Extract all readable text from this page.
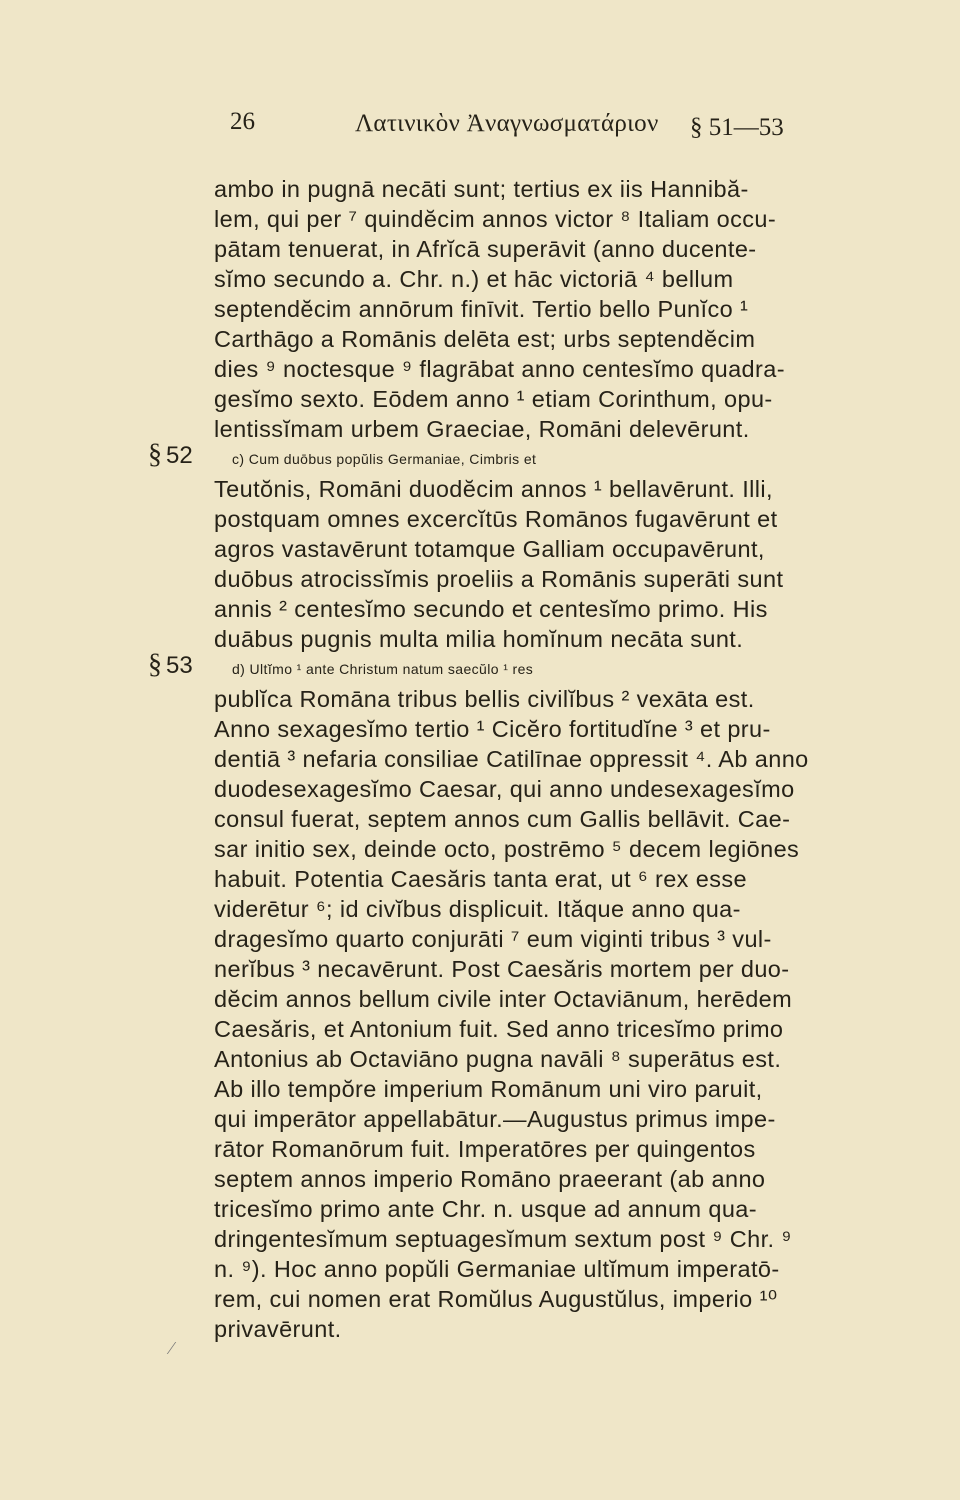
26	Λατινικὸν Ἀναγνωσματάριον § 51—53
§ 52
§ 53
ambo in pugnā necāti sunt; tertius ex iis Hannibă-
lem, qui per ⁷ quindĕcim annos victor ⁸ Italiam occu-
pātam tenuerat, in Afrĭcā superāvit (anno ducente-
sĭmo secundo a. Chr. n.) et hāc victoriā ⁴ bellum
septendĕcim annōrum finīvit. Tertio bello Punĭco ¹
Carthāgo a Romānis delēta est; urbs septendĕcim
dies ⁹ noctesque ⁹ flagrābat anno centesĭmo quadra-
gesĭmo sexto. Eōdem anno ¹ etiam Corinthum, opu-
lentissĭmam urbem Graeciae, Romāni delevērunt.
c) Cum duōbus popŭlis Germaniae, Cimbris et
Teutŏnis, Romāni duodĕcim annos ¹ bellavērunt. Illi,
postquam omnes excercĭtūs Romānos fugavērunt et
agros vastavērunt totamque Galliam occupavērunt,
duōbus atrocissĭmis proeliis a Romānis superāti sunt
annis ² centesĭmo secundo et centesĭmo primo. His
duābus pugnis multa milia homĭnum necāta sunt.
d) Ultĭmo ¹ ante Christum natum saecŭlo ¹ res
publĭca Romāna tribus bellis civilĭbus ² vexāta est.
Anno sexagesĭmo tertio ¹ Cicĕro fortitudĭne ³ et pru-
dentiā ³ nefaria consiliae Catilīnae oppressit ⁴. Ab anno
duodesexagesĭmo Caesar, qui anno undesexagesĭmo
consul fuerat, septem annos cum Gallis bellāvit. Cae-
sar initio sex, deinde octo, postrēmo ⁵ decem legiōnes
habuit. Potentia Caesăris tanta erat, ut ⁶ rex esse
viderētur ⁶; id civĭbus displicuit. Ităque anno qua-
dragesĭmo quarto conjurāti ⁷ eum viginti tribus ³ vul-
nerĭbus ³ necavērunt. Post Caesăris mortem per duo-
dĕcim annos bellum civile inter Octaviānum, herēdem
Caesăris, et Antonium fuit. Sed anno tricesĭmo primo
Antonius ab Octaviāno pugna navāli ⁸ superātus est.
Ab illo tempŏre imperium Romānum uni viro paruit,
qui imperātor appellabātur.—Augustus primus impe-
rātor Romanōrum fuit. Imperatōres per quingentos
septem annos imperio Romāno praeerant (ab anno
tricesĭmo primo ante Chr. n. usque ad annum qua-
dringentesĭmum septuagesĭmum sextum post ⁹ Chr. ⁹
n. ⁹). Hoc anno popŭli Germaniae ultĭmum imperatō-
rem, cui nomen erat Romŭlus Augustŭlus, imperio ¹⁰
privavērunt.
⁄
